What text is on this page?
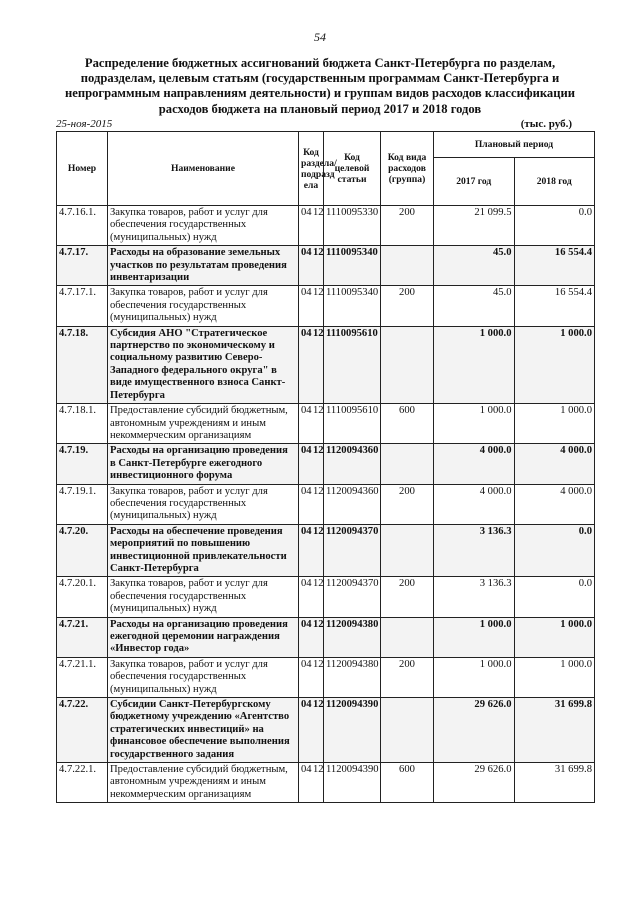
54
Распределение бюджетных ассигнований бюджета Санкт-Петербурга по разделам, подразделам, целевым статьям (государственным программам Санкт-Петербурга и непрограммным направлениям деятельности) и группам видов расходов классификации расходов бюджета на плановый период 2017 и 2018 годов
25-ноя-2015	(тыс. руб.)
Номер	Наименование	Код раздела/ подразд ела		Код целевой статьи	Код вида расходов (группа)	Плановый период	
						2017 год	2018 год
4.7.16.1.	Закупка товаров, работ и услуг для обеспечения государственных (муниципальных) нужд	04	12	1110095330	200	21 099.5	0.0
4.7.17.	Расходы на образование земельных участков по результатам проведения инвентаризации	04	12	1110095340		45.0	16 554.4
4.7.17.1.	Закупка товаров, работ и услуг для обеспечения государственных (муниципальных) нужд	04	12	1110095340	200	45.0	16 554.4
4.7.18.	Субсидия АНО "Стратегическое партнерство по экономическому и социальному развитию Северо-Западного федерального округа" в виде имущественного взноса Санкт-Петербурга	04	12	1110095610		1 000.0	1 000.0
4.7.18.1.	Предоставление субсидий бюджетным, автономным учреждениям и иным некоммерческим организациям	04	12	1110095610	600	1 000.0	1 000.0
4.7.19.	Расходы на организацию проведения в Санкт-Петербурге ежегодного инвестиционного форума	04	12	1120094360		4 000.0	4 000.0
4.7.19.1.	Закупка товаров, работ и услуг для обеспечения государственных (муниципальных) нужд	04	12	1120094360	200	4 000.0	4 000.0
4.7.20.	Расходы на обеспечение проведения мероприятий по повышению инвестиционной привлекательности Санкт-Петербурга	04	12	1120094370		3 136.3	0.0
4.7.20.1.	Закупка товаров, работ и услуг для обеспечения государственных (муниципальных) нужд	04	12	1120094370	200	3 136.3	0.0
4.7.21.	Расходы на организацию проведения ежегодной церемонии награждения «Инвестор года»	04	12	1120094380		1 000.0	1 000.0
4.7.21.1.	Закупка товаров, работ и услуг для обеспечения государственных (муниципальных) нужд	04	12	1120094380	200	1 000.0	1 000.0
4.7.22.	Субсидии Санкт-Петербургскому бюджетному учреждению «Агентство стратегических инвестиций» на финансовое обеспечение выполнения государственного задания	04	12	1120094390		29 626.0	31 699.8
4.7.22.1.	Предоставление субсидий бюджетным, автономным учреждениям и иным некоммерческим организациям	04	12	1120094390	600	29 626.0	31 699.8
